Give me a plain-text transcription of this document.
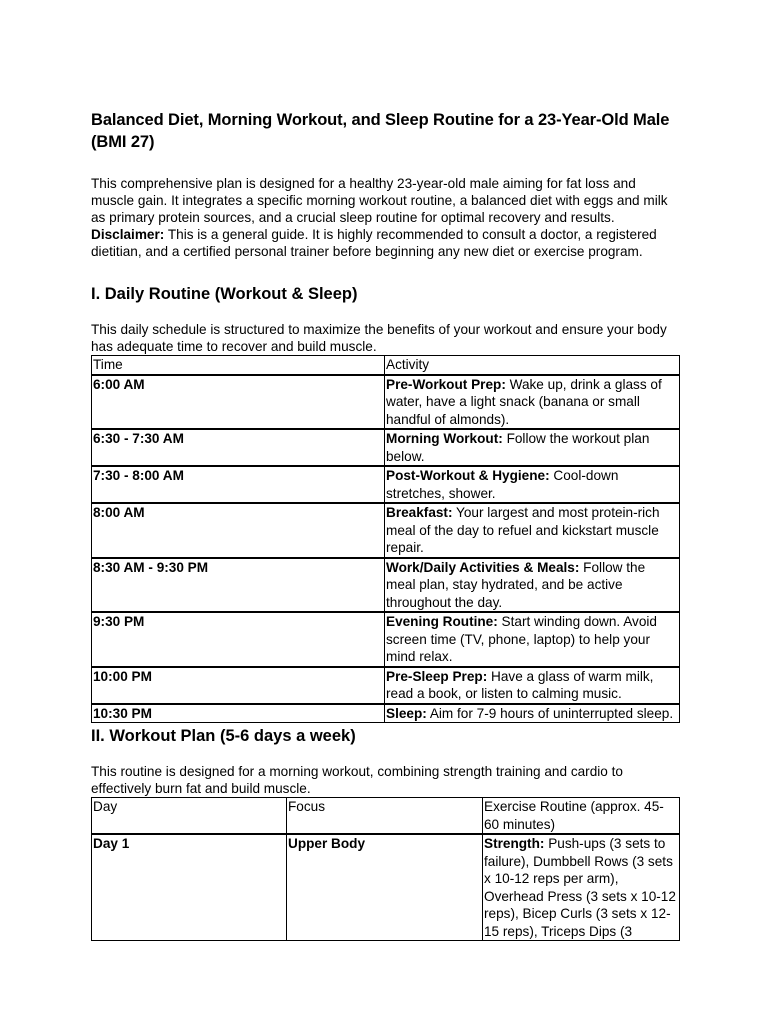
Balanced Diet, Morning Workout, and Sleep Routine for a 23-Year-Old Male (BMI 27)

This comprehensive plan is designed for a healthy 23-year-old male aiming for fat loss and muscle gain. It integrates a specific morning workout routine, a balanced diet with eggs and milk as primary protein sources, and a crucial sleep routine for optimal recovery and results. Disclaimer: This is a general guide. It is highly recommended to consult a doctor, a registered dietitian, and a certified personal trainer before beginning any new diet or exercise program.

I. Daily Routine (Workout & Sleep)

This daily schedule is structured to maximize the benefits of your workout and ensure your body has adequate time to recover and build muscle.

Time	Activity
6:00 AM	Pre-Workout Prep: Wake up, drink a glass of water, have a light snack (banana or small handful of almonds).
6:30 - 7:30 AM	Morning Workout: Follow the workout plan below.
7:30 - 8:00 AM	Post-Workout & Hygiene: Cool-down stretches, shower.
8:00 AM	Breakfast: Your largest and most protein-rich meal of the day to refuel and kickstart muscle repair.
8:30 AM - 9:30 PM	Work/Daily Activities & Meals: Follow the meal plan, stay hydrated, and be active throughout the day.
9:30 PM	Evening Routine: Start winding down. Avoid screen time (TV, phone, laptop) to help your mind relax.
10:00 PM	Pre-Sleep Prep: Have a glass of warm milk, read a book, or listen to calming music.
10:30 PM	Sleep: Aim for 7-9 hours of uninterrupted sleep.
II. Workout Plan (5-6 days a week)

This routine is designed for a morning workout, combining strength training and cardio to effectively burn fat and build muscle.

Day	Focus	Exercise Routine (approx. 45-60 minutes)
Day 1	Upper Body	Strength: Push-ups (3 sets to failure), Dumbbell Rows (3 sets x 10-12 reps per arm), Overhead Press (3 sets x 10-12 reps), Bicep Curls (3 sets x 12-15 reps), Triceps Dips (3
